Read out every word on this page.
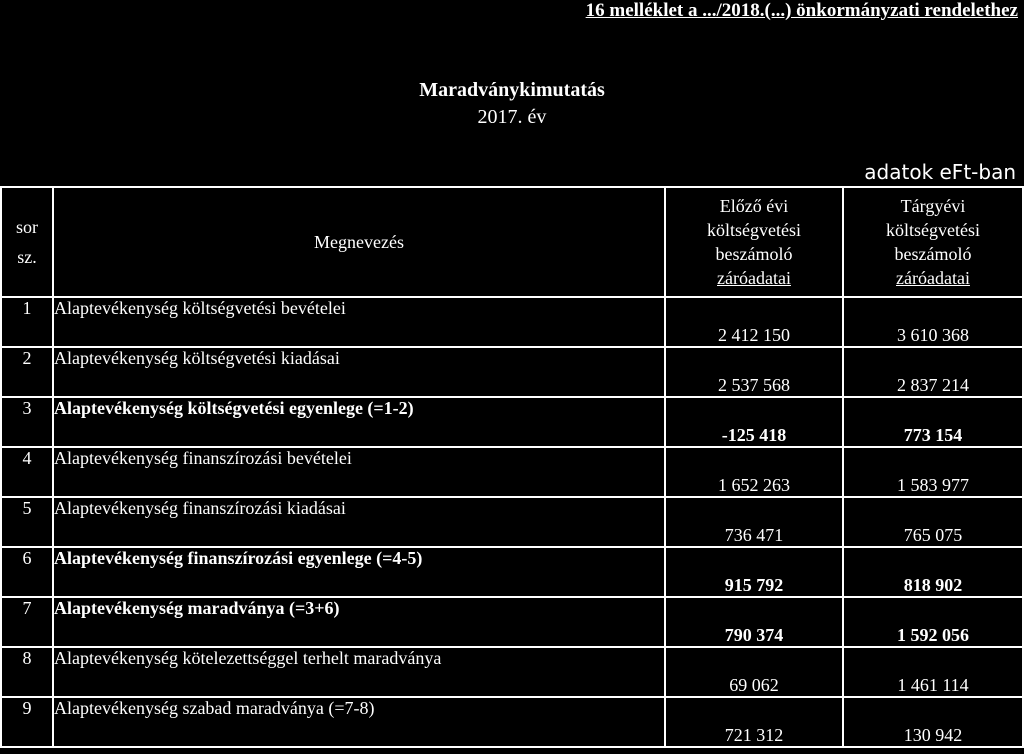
16 melléklet a .../2018.(...) önkormányzati rendelethez
Maradványkimutatás
2017. év
adatok eFt-ban
sor
sz.	Megnevezés	Előző évi
költségvetési
beszámoló
záróadatai	Tárgyévi
költségvetési
beszámoló
záróadatai

1	Alaptevékenység költségvetési bevételei	2 412 150	3 610 368
2	Alaptevékenység költségvetési kiadásai	2 537 568	2 837 214
3	Alaptevékenység költségvetési egyenlege (=1-2)	-125 418	773 154
4	Alaptevékenység finanszírozási bevételei	1 652 263	1 583 977
5	Alaptevékenység finanszírozási kiadásai	736 471	765 075
6	Alaptevékenység finanszírozási egyenlege (=4-5)	915 792	818 902
7	Alaptevékenység maradványa (=3+6)	790 374	1 592 056
8	Alaptevékenység kötelezettséggel terhelt maradványa	69 062	1 461 114
9	Alaptevékenység szabad maradványa (=7-8)	721 312	130 942
